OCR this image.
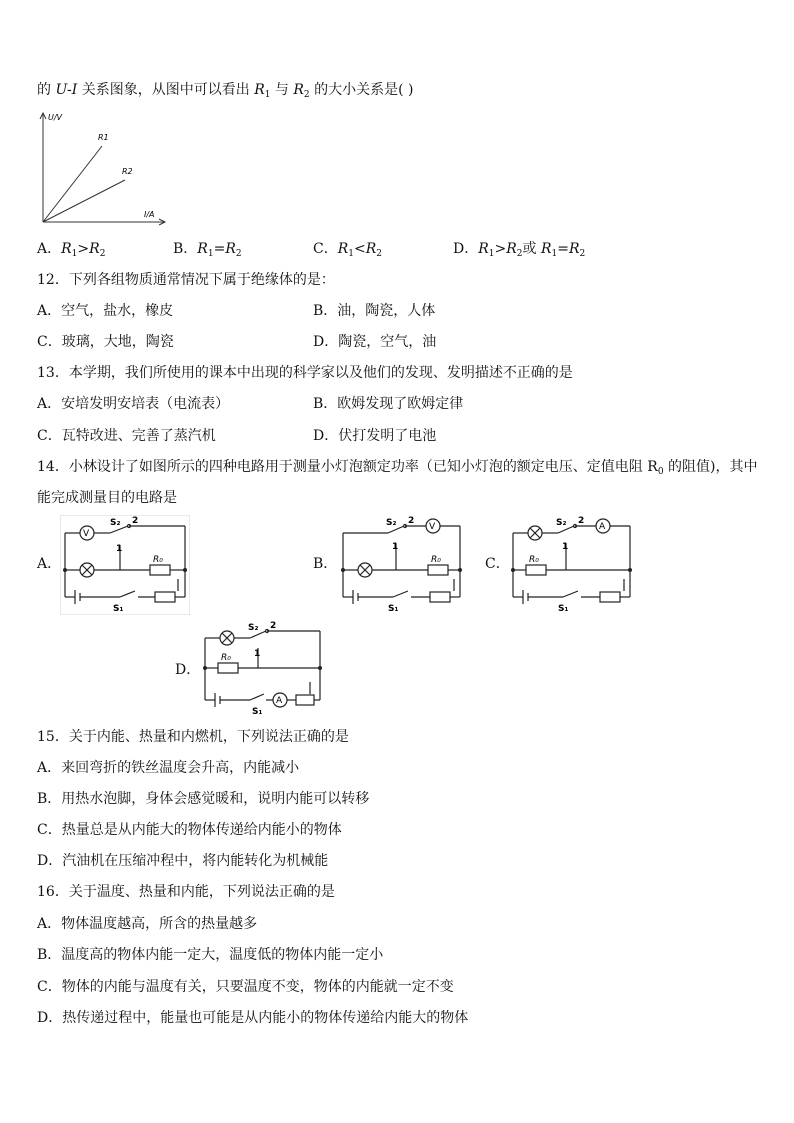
的 U-I 关系图象，从图中可以看出 $R_1$ 与 $R_2$ 的大小关系是( )
U/V
I/A
R1
R2
A．$R_1>R_2$	B．$R_1=R_2$	C．$R_1<R_2$	D．$R_1>R_2$或 $R_1=R_2$
12．下列各组物质通常情况下属于绝缘体的是：
A．空气，盐水，橡皮	B．油，陶瓷，人体
C．玻璃，大地，陶瓷	D．陶瓷，空气，油
13．本学期，我们所使用的课本中出现的科学家以及他们的发现、发明描述不正确的是
A．安培发明安培表（电流表）	B．欧姆发现了欧姆定律
C．瓦特改进、完善了蒸汽机	D．伏打发明了电池
14．小林设计了如图所示的四种电路用于测量小灯泡额定功率（已知小灯泡的额定电压、定值电阻 $R_0$ 的阻值)，其中
能完成测量目的电路是
A．	B．	C．
D．
V
S₂ 2
1
R₀
S₁
V
S₂ 2
1
R₀
S₁
A
S₂ 2
1
R₀
S₁
A
S₂ 2
1
R₀
S₁
15．关于内能、热量和内燃机，下列说法正确的是
A．来回弯折的铁丝温度会升高，内能减小
B．用热水泡脚，身体会感觉暖和，说明内能可以转移
C．热量总是从内能大的物体传递给内能小的物体
D．汽油机在压缩冲程中，将内能转化为机械能
16．关于温度、热量和内能，下列说法正确的是
A．物体温度越高，所含的热量越多
B．温度高的物体内能一定大，温度低的物体内能一定小
C．物体的内能与温度有关，只要温度不变，物体的内能就一定不变
D．热传递过程中，能量也可能是从内能小的物体传递给内能大的物体
